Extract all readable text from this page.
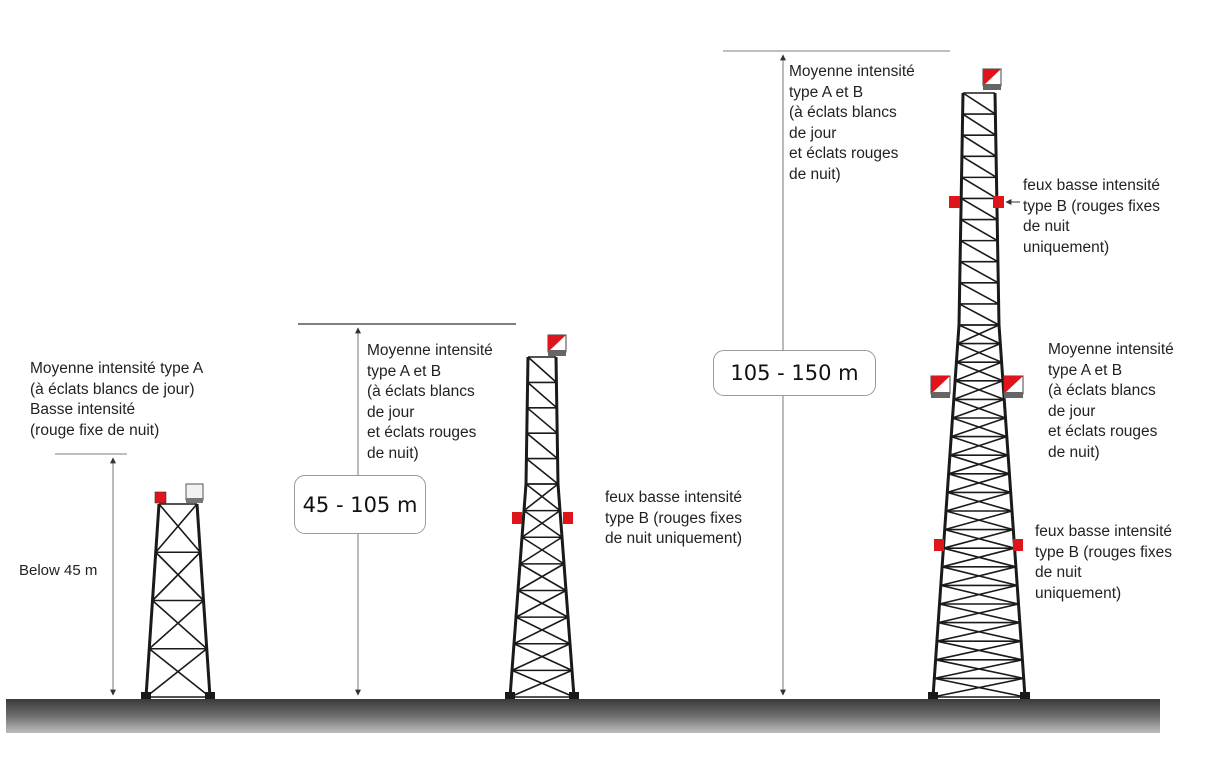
Moyenne intensité type A
(à éclats blancs de jour)
Basse intensité
(rouge fixe de nuit)
Below 45 m
Moyenne intensité
type A et B
(à éclats blancs
de jour
et éclats rouges
de nuit)
45 - 105 m	feux basse intensité
type B (rouges fixes
de nuit uniquement)
Moyenne intensité
type A et B
(à éclats blancs
de jour
et éclats rouges
de nuit)
105 - 150 m
feux basse intensité
type B (rouges fixes
de nuit
uniquement)
Moyenne intensité
type A et B
(à éclats blancs
de jour
et éclats rouges
de nuit)
feux basse intensité
type B (rouges fixes
de nuit
uniquement)
